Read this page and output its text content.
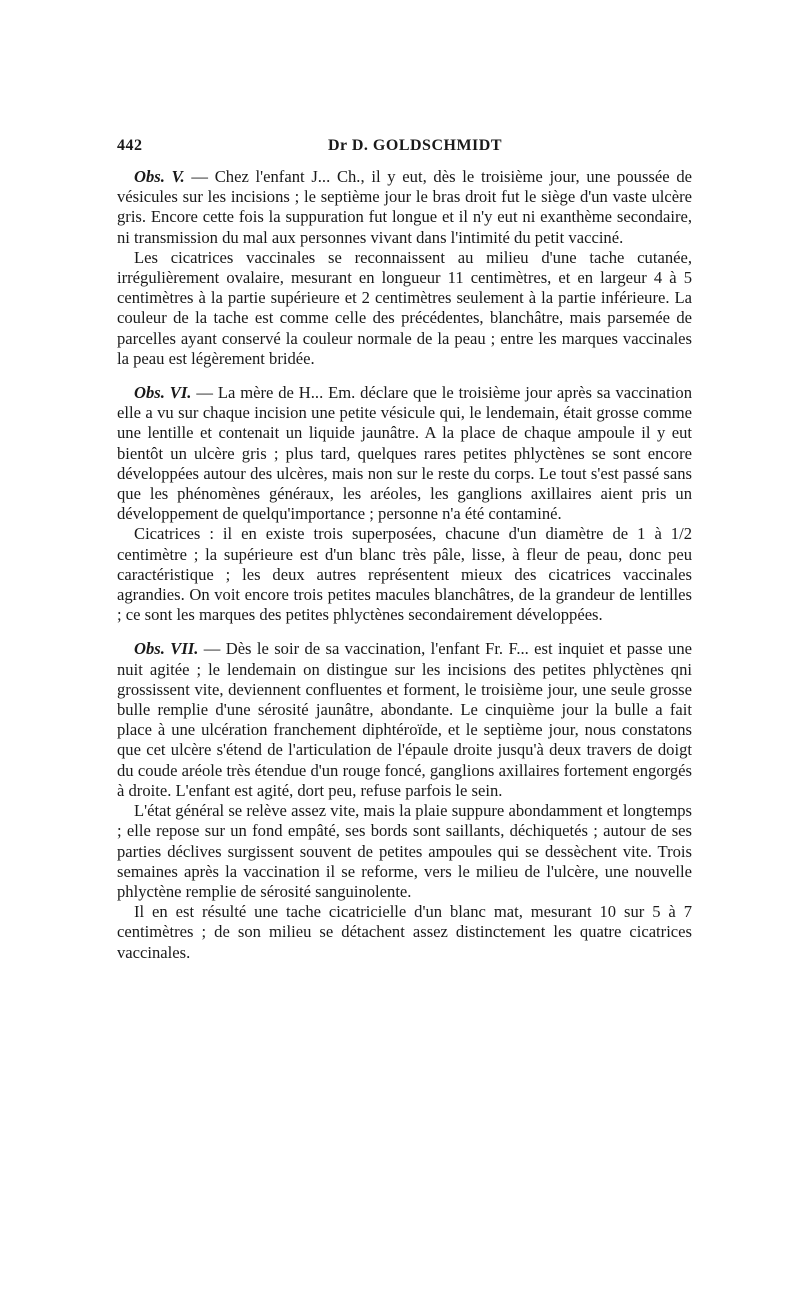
442	Dr D. GOLDSCHMIDT

Obs. V. — Chez l'enfant J... Ch., il y eut, dès le troisième jour, une poussée de vésicules sur les incisions ; le septième jour le bras droit fut le siège d'un vaste ulcère gris. Encore cette fois la suppuration fut longue et il n'y eut ni exanthème secondaire, ni transmission du mal aux personnes vivant dans l'intimité du petit vacciné.

Les cicatrices vaccinales se reconnaissent au milieu d'une tache cutanée, irrégulièrement ovalaire, mesurant en longueur 11 centimètres, et en largeur 4 à 5 centimètres à la partie supérieure et 2 centimètres seulement à la partie inférieure. La couleur de la tache est comme celle des précédentes, blanchâtre, mais parsemée de parcelles ayant conservé la couleur normale de la peau ; entre les marques vaccinales la peau est légèrement bridée.

Obs. VI. — La mère de H... Em. déclare que le troisième jour après sa vaccination elle a vu sur chaque incision une petite vésicule qui, le lendemain, était grosse comme une lentille et contenait un liquide jaunâtre. A la place de chaque ampoule il y eut bientôt un ulcère gris ; plus tard, quelques rares petites phlyctènes se sont encore développées autour des ulcères, mais non sur le reste du corps. Le tout s'est passé sans que les phénomènes généraux, les aréoles, les ganglions axillaires aient pris un développement de quelqu'importance ; personne n'a été contaminé.

Cicatrices : il en existe trois superposées, chacune d'un diamètre de 1 à 1/2 centimètre ; la supérieure est d'un blanc très pâle, lisse, à fleur de peau, donc peu caractéristique ; les deux autres représentent mieux des cicatrices vaccinales agrandies. On voit encore trois petites macules blanchâtres, de la grandeur de lentilles ; ce sont les marques des petites phlyctènes secondairement développées.

Obs. VII. — Dès le soir de sa vaccination, l'enfant Fr. F... est inquiet et passe une nuit agitée ; le lendemain on distingue sur les incisions des petites phlyctènes qni grossissent vite, deviennent confluentes et forment, le troisième jour, une seule grosse bulle remplie d'une sérosité jaunâtre, abondante. Le cinquième jour la bulle a fait place à une ulcération franchement diphtéroïde, et le septième jour, nous constatons que cet ulcère s'étend de l'articulation de l'épaule droite jusqu'à deux travers de doigt du coude aréole très étendue d'un rouge foncé, ganglions axillaires fortement engorgés à droite. L'enfant est agité, dort peu, refuse parfois le sein.

L'état général se relève assez vite, mais la plaie suppure abondamment et longtemps ; elle repose sur un fond empâté, ses bords sont saillants, déchiquetés ; autour de ses parties déclives surgissent souvent de petites ampoules qui se dessèchent vite. Trois semaines après la vaccination il se reforme, vers le milieu de l'ulcère, une nouvelle phlyctène remplie de sérosité sanguinolente.

Il en est résulté une tache cicatricielle d'un blanc mat, mesurant 10 sur 5 à 7 centimètres ; de son milieu se détachent assez distinctement les quatre cicatrices vaccinales.
